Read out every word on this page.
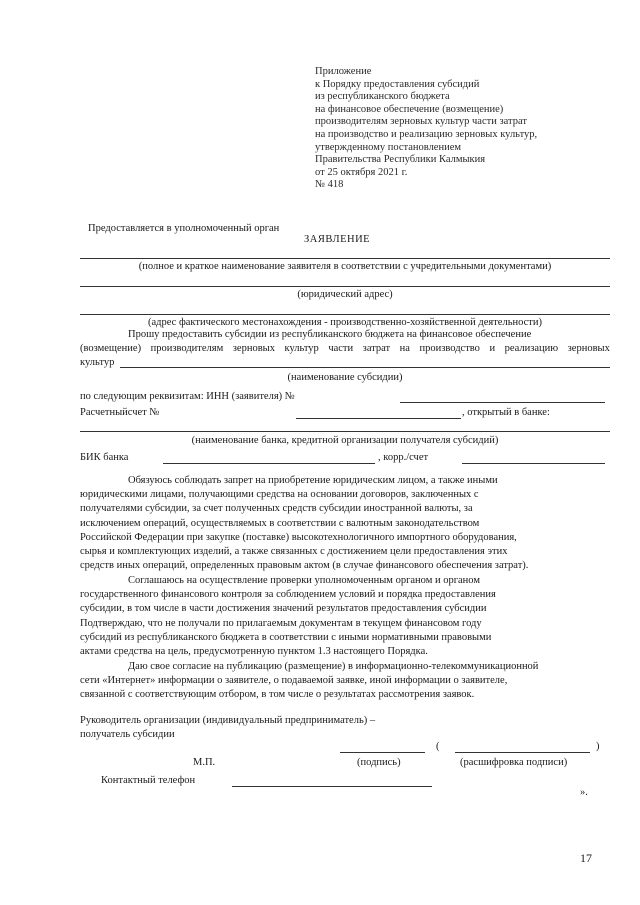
Приложение
к Порядку предоставления субсидий
из республиканского бюджета
на финансовое обеспечение (возмещение)
производителям зерновых культур части затрат
на производство и реализацию зерновых культур,
утвержденному постановлением
Правительства Республики Калмыкия
от 25 октября 2021 г.
№ 418
Предоставляется в уполномоченный орган
ЗАЯВЛЕНИЕ
(полное и краткое наименование заявителя в соответствии с учредительными документами)
(юридический адрес)
(адрес фактического местонахождения - производственно-хозяйственной деятельности)
Прошу предоставить субсидии из республиканского бюджета на финансовое обеспечение
(возмещение) производителям зерновых культур части затрат на производство и реализацию зерновых
культур
(наименование субсидии)
по следующим реквизитам: ИНН (заявителя) №
Расчетныйсчет №	, открытый в банке:
(наименование банка, кредитной организации получателя субсидий)
БИК банка	, корр./счет
Обязуюсь соблюдать запрет на приобретение юридическим лицом, а также иными
юридическими лицами, получающими средства на основании договоров, заключенных с получателями субсидии, за счет полученных средств субсидии иностранной валюты, за исключением операций, осуществляемых в соответствии с валютным законодательством Российской Федерации при закупке (поставке) высокотехнологичного импортного оборудования, сырья и комплектующих изделий, а также связанных с достижением цели предоставления этих
средств иных операций, определенных правовым актом (в случае финансового обеспечения затрат).
Соглашаюсь на осуществление проверки уполномоченным органом и органом
государственного финансового контроля за соблюдением условий и порядка предоставления субсидии, в том числе в части достижения значений результатов предоставления субсидии Подтверждаю, что не получали по прилагаемым документам в текущем финансовом году субсидий из республиканского бюджета в соответствии с иными нормативными правовыми
актами средства на цель, предусмотренную пунктом 1.3 настоящего Порядка.
Даю свое согласие на публикацию (размещение) в информационно-телекоммуникационной
сети «Интернет» информации о заявителе, о подаваемой заявке, иной информации о заявителе,
связанной с соответствующим отбором, в том числе о результатах рассмотрения заявок.
Руководитель организации (индивидуальный предприниматель) –
получатель субсидии
(	)
М.П.	(подпись)	(расшифровка подписи)
Контактный телефон
».
17
